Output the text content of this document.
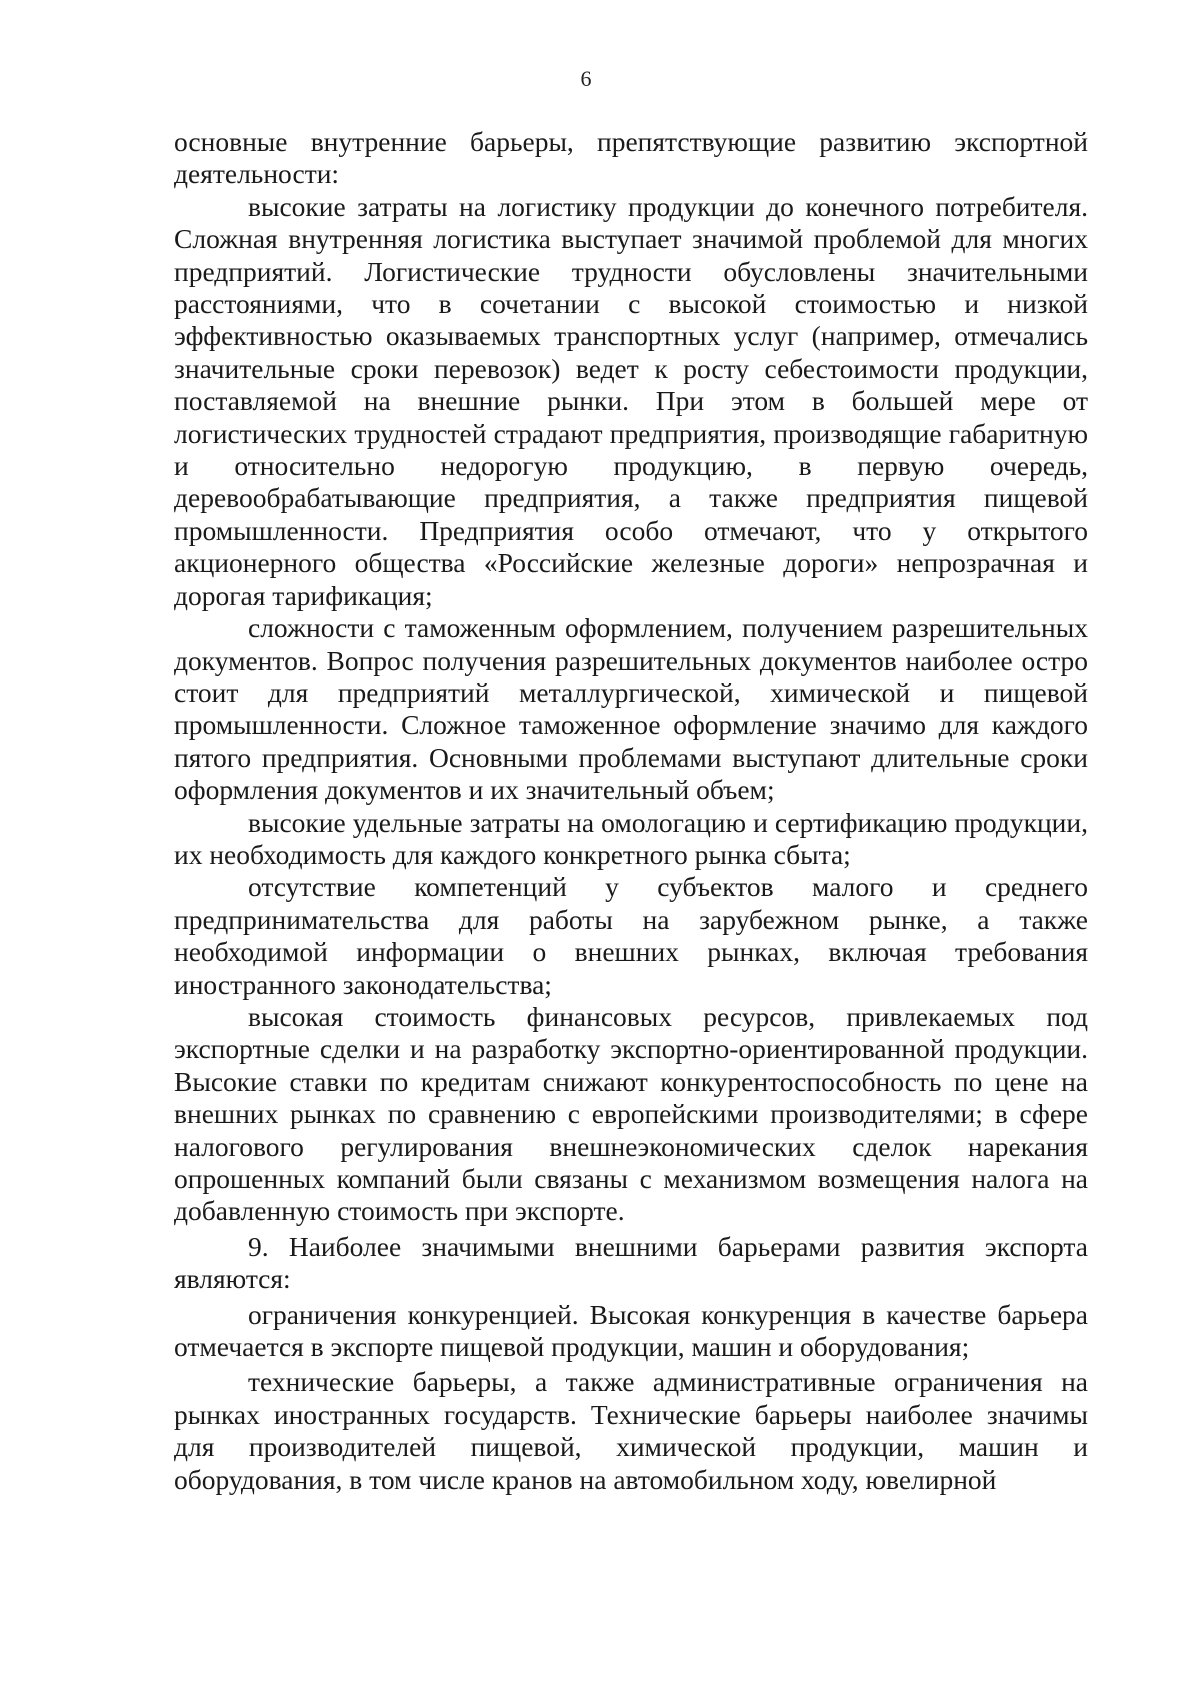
6

основные внутренние барьеры, препятствующие развитию экспортной деятельности:

высокие затраты на логистику продукции до конечного потребителя. Сложная внутренняя логистика выступает значимой проблемой для многих предприятий. Логистические трудности обусловлены значительными расстояниями, что в сочетании с высокой стоимостью и низкой эффективностью оказываемых транспортных услуг (например, отмечались значительные сроки перевозок) ведет к росту себестоимости продукции, поставляемой на внешние рынки. При этом в большей мере от логистических трудностей страдают предприятия, производящие габаритную и относительно недорогую продукцию, в первую очередь, деревообрабатывающие предприятия, а также предприятия пищевой промышленности. Предприятия особо отмечают, что у открытого акционерного общества «Российские железные дороги» непрозрачная и дорогая тарификация;

сложности с таможенным оформлением, получением разрешительных документов. Вопрос получения разрешительных документов наиболее остро стоит для предприятий металлургической, химической и пищевой промышленности. Сложное таможенное оформление значимо для каждого пятого предприятия. Основными проблемами выступают длительные сроки оформления документов и их значительный объем;

высокие удельные затраты на омологацию и сертификацию продукции, их необходимость для каждого конкретного рынка сбыта;

отсутствие компетенций у субъектов малого и среднего предпринимательства для работы на зарубежном рынке, а также необходимой информации о внешних рынках, включая требования иностранного законодательства;

высокая стоимость финансовых ресурсов, привлекаемых под экспортные сделки и на разработку экспортно-ориентированной продукции. Высокие ставки по кредитам снижают конкурентоспособность по цене на внешних рынках по сравнению с европейскими производителями; в сфере налогового регулирования внешнеэкономических сделок нарекания опрошенных компаний были связаны с механизмом возмещения налога на добавленную стоимость при экспорте.

9. Наиболее значимыми внешними барьерами развития экспорта являются:

ограничения конкуренцией. Высокая конкуренция в качестве барьера отмечается в экспорте пищевой продукции, машин и оборудования;

технические барьеры, а также административные ограничения на рынках иностранных государств. Технические барьеры наиболее значимы для производителей пищевой, химической продукции, машин и оборудования, в том числе кранов на автомобильном ходу, ювелирной
